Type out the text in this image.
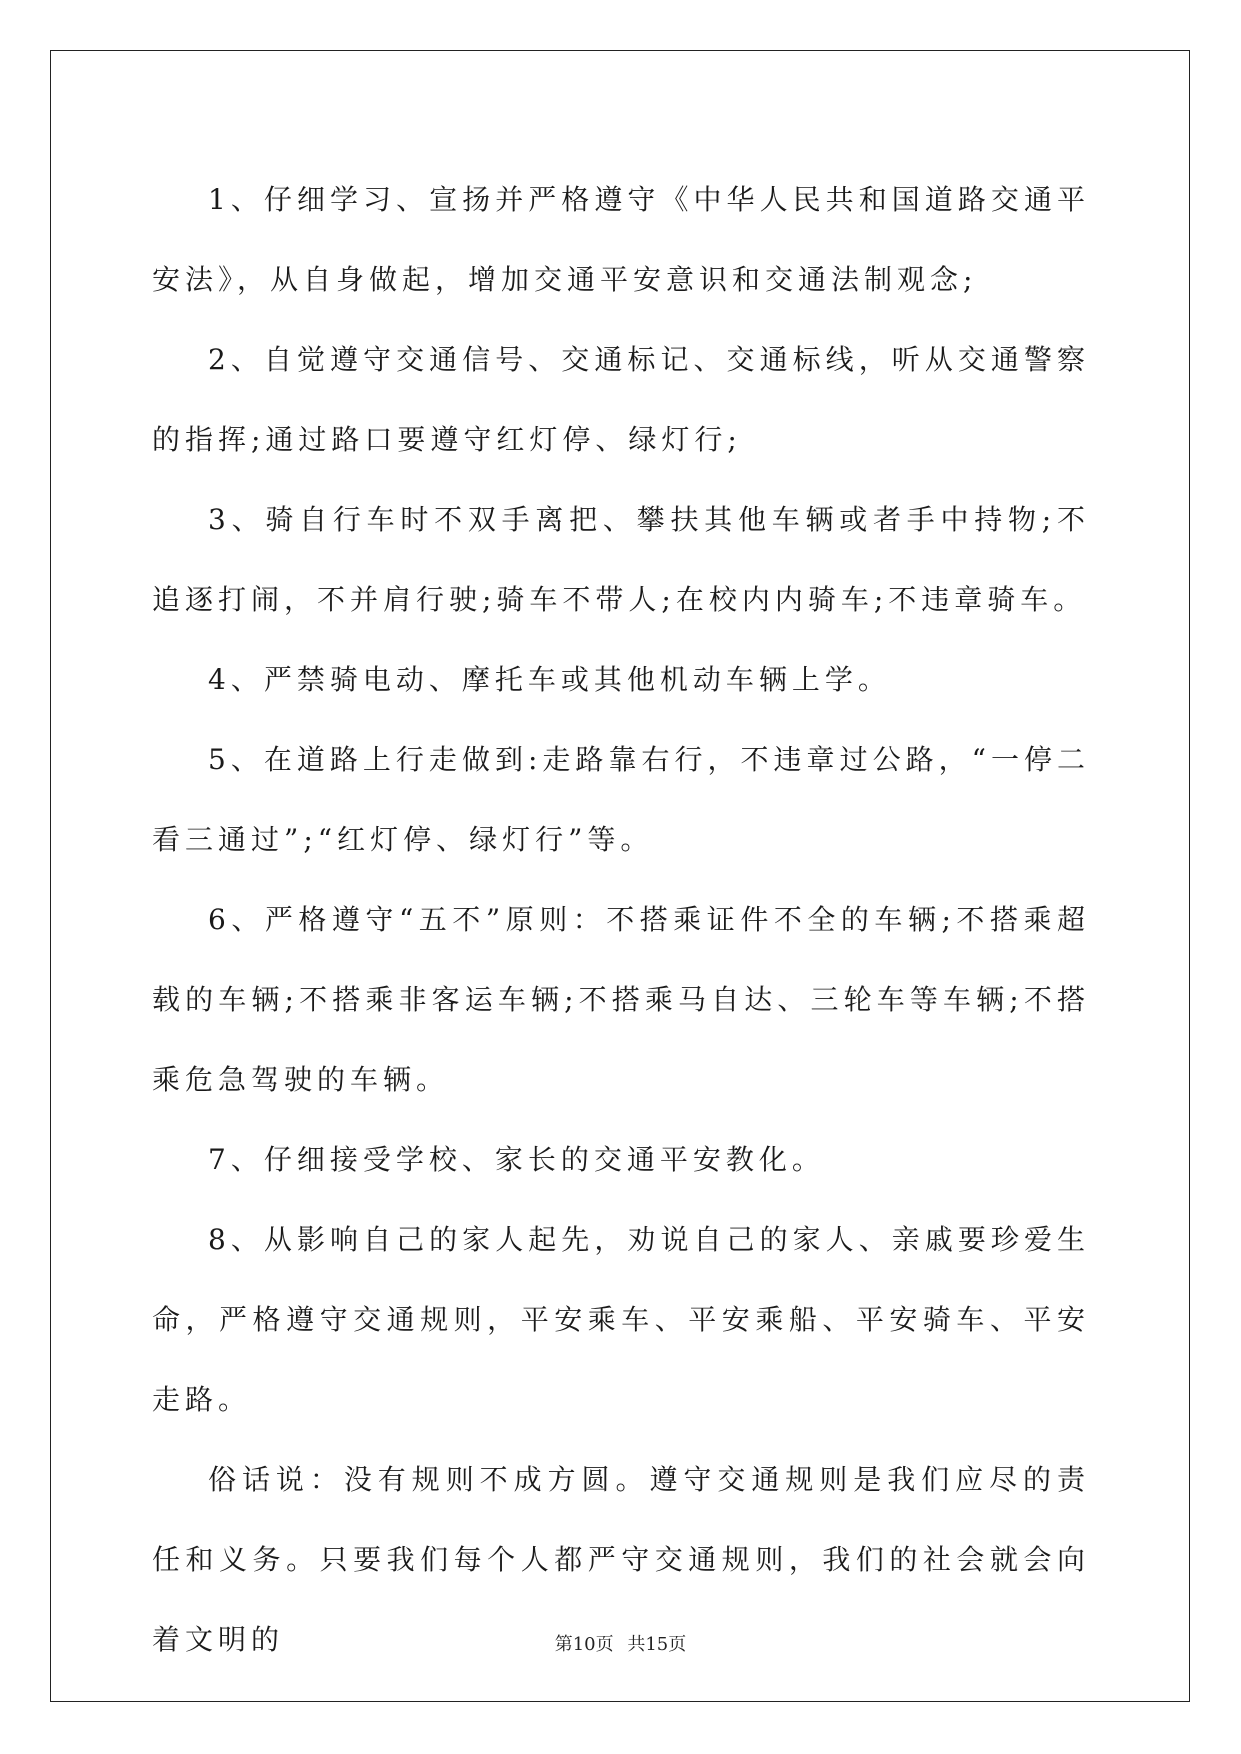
1、仔细学习、宣扬并严格遵守《中华人民共和国道路交通平安法》，从自身做起，增加交通平安意识和交通法制观念;

2、自觉遵守交通信号、交通标记、交通标线，听从交通警察的指挥;通过路口要遵守红灯停、绿灯行;

3、骑自行车时不双手离把、攀扶其他车辆或者手中持物;不追逐打闹，不并肩行驶;骑车不带人;在校内内骑车;不违章骑车。

4、严禁骑电动、摩托车或其他机动车辆上学。

5、在道路上行走做到:走路靠右行，不违章过公路，“一停二看三通过”;“红灯停、绿灯行”等。

6、严格遵守“五不”原则：不搭乘证件不全的车辆;不搭乘超载的车辆;不搭乘非客运车辆;不搭乘马自达、三轮车等车辆;不搭乘危急驾驶的车辆。

7、仔细接受学校、家长的交通平安教化。

8、从影响自己的家人起先，劝说自己的家人、亲戚要珍爱生命，严格遵守交通规则，平安乘车、平安乘船、平安骑车、平安走路。

俗话说：没有规则不成方圆。遵守交通规则是我们应尽的责任和义务。只要我们每个人都严守交通规则，我们的社会就会向着文明的	第10页 共15页
